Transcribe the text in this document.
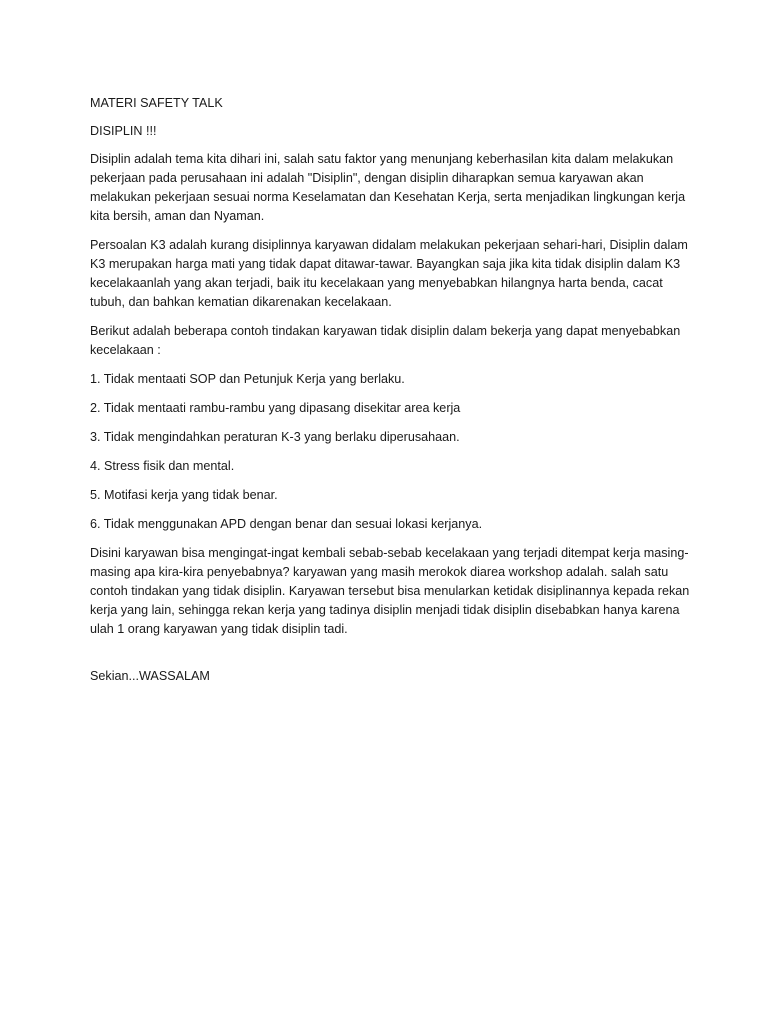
MATERI SAFETY TALK

DISIPLIN !!!

Disiplin adalah tema kita dihari ini, salah satu faktor yang menunjang keberhasilan kita dalam melakukan pekerjaan pada perusahaan ini adalah "Disiplin", dengan disiplin diharapkan semua karyawan akan melakukan pekerjaan sesuai norma Keselamatan dan Kesehatan Kerja, serta menjadikan lingkungan kerja kita bersih, aman dan Nyaman.

Persoalan K3 adalah kurang disiplinnya karyawan didalam melakukan pekerjaan sehari-hari, Disiplin dalam K3 merupakan harga mati yang tidak dapat ditawar-tawar. Bayangkan saja jika kita tidak disiplin dalam K3 kecelakaanlah yang akan terjadi, baik itu kecelakaan yang menyebabkan hilangnya harta benda, cacat tubuh, dan bahkan kematian dikarenakan kecelakaan.

Berikut adalah beberapa contoh tindakan karyawan tidak disiplin dalam bekerja yang dapat menyebabkan kecelakaan :

1. Tidak mentaati SOP dan Petunjuk Kerja yang berlaku.

2. Tidak mentaati rambu-rambu yang dipasang disekitar area kerja

3. Tidak mengindahkan peraturan K-3 yang berlaku diperusahaan.

4. Stress fisik dan mental.

5. Motifasi kerja yang tidak benar.

6. Tidak menggunakan APD dengan benar dan sesuai lokasi kerjanya.

Disini karyawan bisa mengingat-ingat kembali sebab-sebab kecelakaan yang terjadi ditempat kerja masing-masing apa kira-kira penyebabnya? karyawan yang masih merokok diarea workshop adalah. salah satu contoh tindakan yang tidak disiplin. Karyawan tersebut bisa menularkan ketidak disiplinannya kepada rekan kerja yang lain, sehingga rekan kerja yang tadinya disiplin menjadi tidak disiplin disebabkan hanya karena ulah 1 orang karyawan yang tidak disiplin tadi.

Sekian...WASSALAM
